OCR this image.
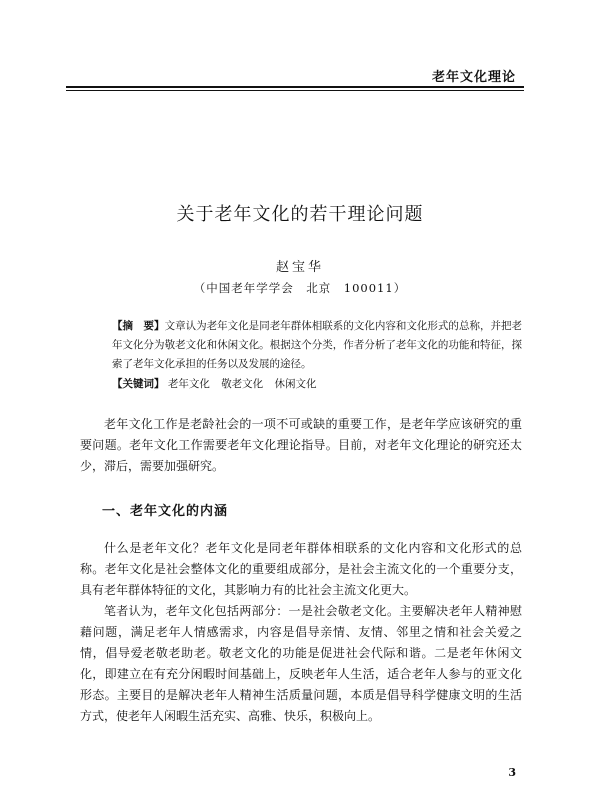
老年文化理论
关于老年文化的若干理论问题
赵宝华
（中国老年学学会　北京　100011）
【摘　要】文章认为老年文化是同老年群体相联系的文化内容和文化形式的总称，并把老年文化分为敬老文化和休闲文化。根据这个分类，作者分析了老年文化的功能和特征，探索了老年文化承担的任务以及发展的途径。
【关键词】 老年文化 敬老文化 休闲文化

老年文化工作是老龄社会的一项不可或缺的重要工作，是老年学应该研究的重要问题。老年文化工作需要老年文化理论指导。目前，对老年文化理论的研究还太少，滞后，需要加强研究。

一、老年文化的内涵

什么是老年文化？老年文化是同老年群体相联系的文化内容和文化形式的总称。老年文化是社会整体文化的重要组成部分，是社会主流文化的一个重要分支，具有老年群体特征的文化，其影响力有的比社会主流文化更大。

笔者认为，老年文化包括两部分：一是社会敬老文化。主要解决老年人精神慰藉问题，满足老年人情感需求，内容是倡导亲情、友情、邻里之情和社会关爱之情，倡导爱老敬老助老。敬老文化的功能是促进社会代际和谐。二是老年休闲文化，即建立在有充分闲暇时间基础上，反映老年人生活，适合老年人参与的亚文化形态。主要目的是解决老年人精神生活质量问题，本质是倡导科学健康文明的生活方式，使老年人闲暇生活充实、高雅、快乐，积极向上。

3
